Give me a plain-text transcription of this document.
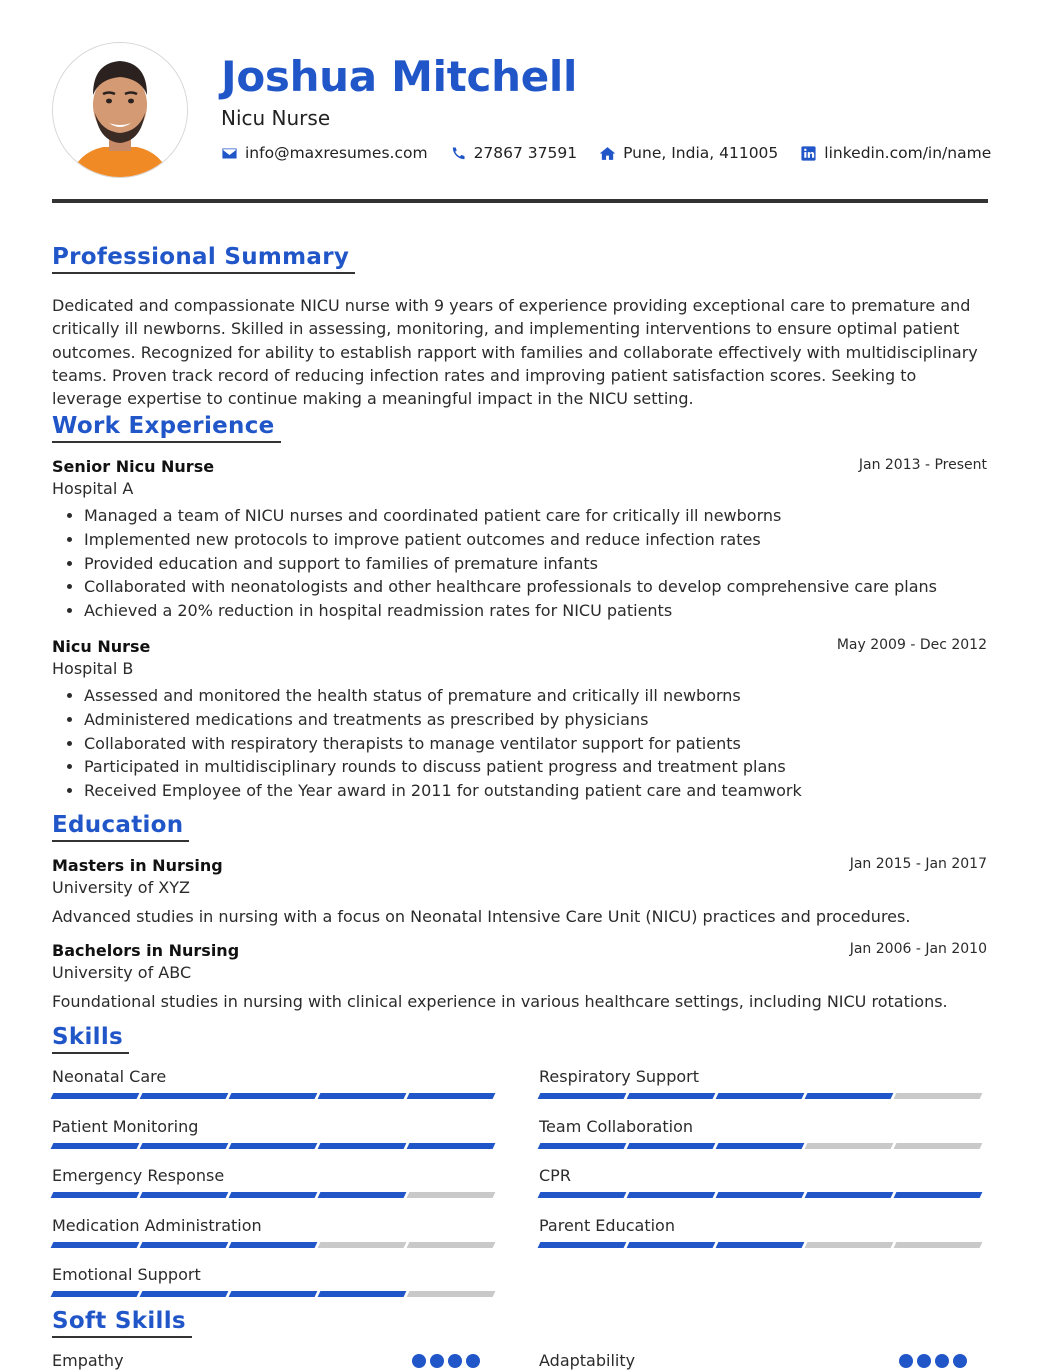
Joshua Mitchell
Nicu Nurse
info@maxresumes.com	27867 37591	Pune, India, 411005	linkedin.com/in/name
Professional Summary

Dedicated and compassionate NICU nurse with 9 years of experience providing exceptional care to premature and critically ill newborns. Skilled in assessing, monitoring, and implementing interventions to ensure optimal patient outcomes. Recognized for ability to establish rapport with families and collaborate effectively with multidisciplinary teams. Proven track record of reducing infection rates and improving patient satisfaction scores. Seeking to leverage expertise to continue making a meaningful impact in the NICU setting.

Work Experience
Senior Nicu Nurse	Jan 2013 - Present
Hospital A
• Managed a team of NICU nurses and coordinated patient care for critically ill newborns
• Implemented new protocols to improve patient outcomes and reduce infection rates
• Provided education and support to families of premature infants
• Collaborated with neonatologists and other healthcare professionals to develop comprehensive care plans
• Achieved a 20% reduction in hospital readmission rates for NICU patients
Nicu Nurse	May 2009 - Dec 2012
Hospital B
• Assessed and monitored the health status of premature and critically ill newborns
• Administered medications and treatments as prescribed by physicians
• Collaborated with respiratory therapists to manage ventilator support for patients
• Participated in multidisciplinary rounds to discuss patient progress and treatment plans
• Received Employee of the Year award in 2011 for outstanding patient care and teamwork
Education
Masters in Nursing	Jan 2015 - Jan 2017
University of XYZ
Advanced studies in nursing with a focus on Neonatal Intensive Care Unit (NICU) practices and procedures.
Bachelors in Nursing	Jan 2006 - Jan 2010
University of ABC
Foundational studies in nursing with clinical experience in various healthcare settings, including NICU rotations.
Skills
Neonatal Care	Respiratory Support
Patient Monitoring	Team Collaboration
Emergency Response	CPR
Medication Administration	Parent Education
Emotional Support
Soft Skills
Empathy	Adaptability
